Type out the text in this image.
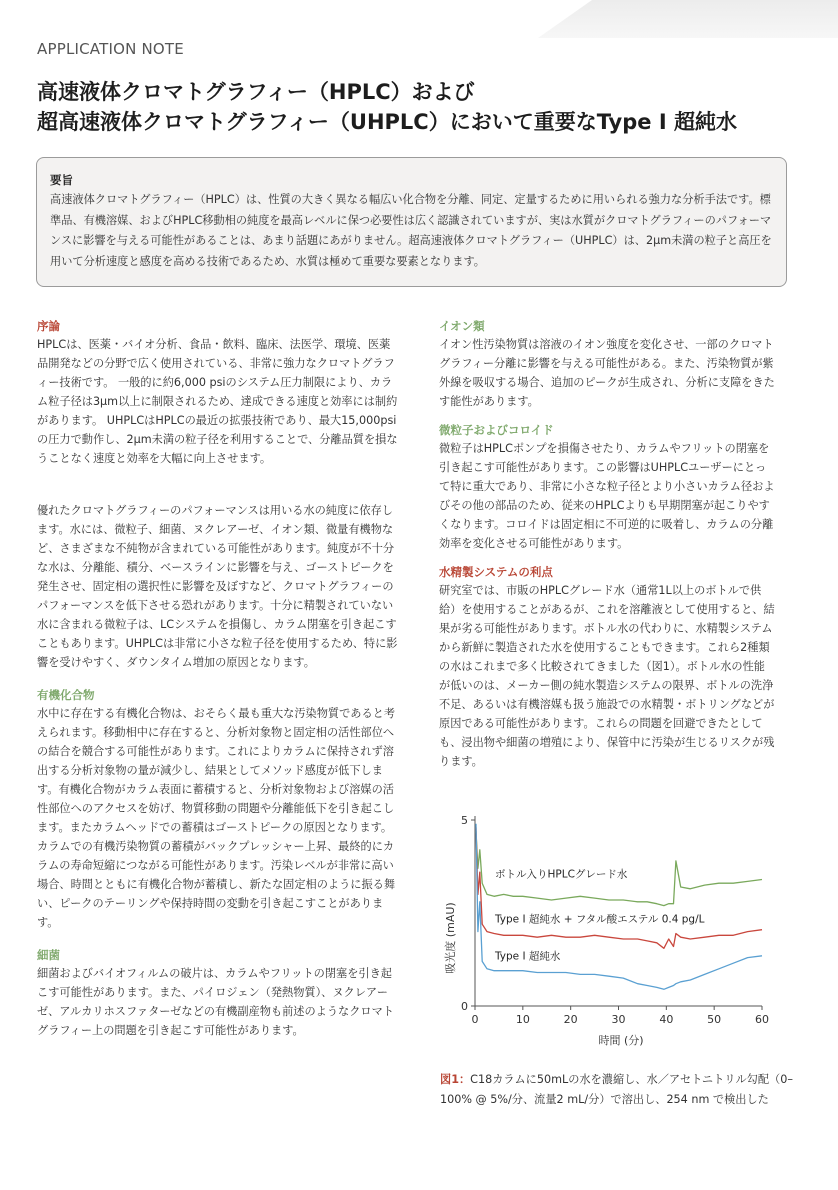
APPLICATION NOTE
高速液体クロマトグラフィー（HPLC）および
超高速液体クロマトグラフィー（UHPLC）において重要なType I 超純水
要旨

高速液体クロマトグラフィー（HPLC）は、性質の大きく異なる幅広い化合物を分離、同定、定量するために用いられる強力な分析手法です。標準品、有機溶媒、およびHPLC移動相の純度を最高レベルに保つ必要性は広く認識されていますが、実は水質がクロマトグラフィーのパフォーマンスに影響を与える可能性があることは、あまり話題にあがりません。超高速液体クロマトグラフィー（UHPLC）は、2μm未満の粒子と高圧を用いて分析速度と感度を高める技術であるため、水質は極めて重要な要素となります。

序論

HPLCは、医薬・バイオ分析、食品・飲料、臨床、法医学、環境、医薬品開発などの分野で広く使用されている、非常に強力なクロマトグラフィー技術です。 一般的に約6,000 psiのシステム圧力制限により、カラム粒子径は3μm以上に制限されるため、達成できる速度と効率には制約があります。 UHPLCはHPLCの最近の拡張技術であり、最大15,000psiの圧力で動作し、2μm未満の粒子径を利用することで、分離品質を損なうことなく速度と効率を大幅に向上させます。

優れたクロマトグラフィーのパフォーマンスは用いる水の純度に依存します。水には、微粒子、細菌、ヌクレアーゼ、イオン類、微量有機物など、さまざまな不純物が含まれている可能性があります。純度が不十分な水は、分離能、積分、ベースラインに影響を与え、ゴーストピークを発生させ、固定相の選択性に影響を及ぼすなど、クロマトグラフィーのパフォーマンスを低下させる恐れがあります。十分に精製されていない水に含まれる微粒子は、LCシステムを損傷し、カラム閉塞を引き起こすこともあります。UHPLCは非常に小さな粒子径を使用するため、特に影響を受けやすく、ダウンタイム増加の原因となります。

有機化合物

水中に存在する有機化合物は、おそらく最も重大な汚染物質であると考えられます。移動相中に存在すると、分析対象物と固定相の活性部位への結合を競合する可能性があります。これによりカラムに保持されず溶出する分析対象物の量が減少し、結果としてメソッド感度が低下します。有機化合物がカラム表面に蓄積すると、分析対象物および溶媒の活性部位へのアクセスを妨げ、物質移動の問題や分離能低下を引き起こします。またカラムヘッドでの蓄積はゴーストピークの原因となります。カラムでの有機汚染物質の蓄積がバックプレッシャー上昇、最終的にカラムの寿命短縮につながる可能性があります。汚染レベルが非常に高い場合、時間とともに有機化合物が蓄積し、新たな固定相のように振る舞い、ピークのテーリングや保持時間の変動を引き起こすことがあります。

細菌

細菌およびバイオフィルムの破片は、カラムやフリットの閉塞を引き起こす可能性があります。また、パイロジェン（発熱物質）、ヌクレアーゼ、アルカリホスファターゼなどの有機副産物も前述のようなクロマトグラフィー上の問題を引き起こす可能性があります。

イオン類

イオン性汚染物質は溶液のイオン強度を変化させ、一部のクロマトグラフィー分離に影響を与える可能性がある。また、汚染物質が紫外線を吸収する場合、追加のピークが生成され、分析に支障をきたす能性があります。

微粒子およびコロイド

微粒子はHPLCポンプを損傷させたり、カラムやフリットの閉塞を引き起こす可能性があります。この影響はUHPLCユーザーにとって特に重大であり、非常に小さな粒子径とより小さいカラム径およびその他の部品のため、従来のHPLCよりも早期閉塞が起こりやすくなります。コロイドは固定相に不可逆的に吸着し、カラムの分離効率を変化させる可能性があります。

水精製システムの利点

研究室では、市販のHPLCグレード水（通常1L以上のボトルで供給）を使用することがあるが、これを溶離液として使用すると、結果が劣る可能性があります。ボトル水の代わりに、水精製システムから新鮮に製造された水を使用することもできます。これら2種類の水はこれまで多く比較されてきました（図1）。ボトル水の性能が低いのは、メーカー側の純水製造システムの限界、ボトルの洗浄不足、あるいは有機溶媒も扱う施設での水精製・ボトリングなどが原因である可能性があります。これらの問題を回避できたとしても、浸出物や細菌の増殖により、保管中に汚染が生じるリスクが残ります。

0	10	20	30	40	50	60
0
5
ボトル入りHPLCグレード水
Type I 超純水 + フタル酸エステル 0.4 pg/L
Type I 超純水
吸光度 (mAU)
時間 (分)
図1：C18カラムに50mLの水を濃縮し、水／アセトニトリル勾配（0–100% @ 5%/分、流量2 mL/分）で溶出し、254 nm で検出した
